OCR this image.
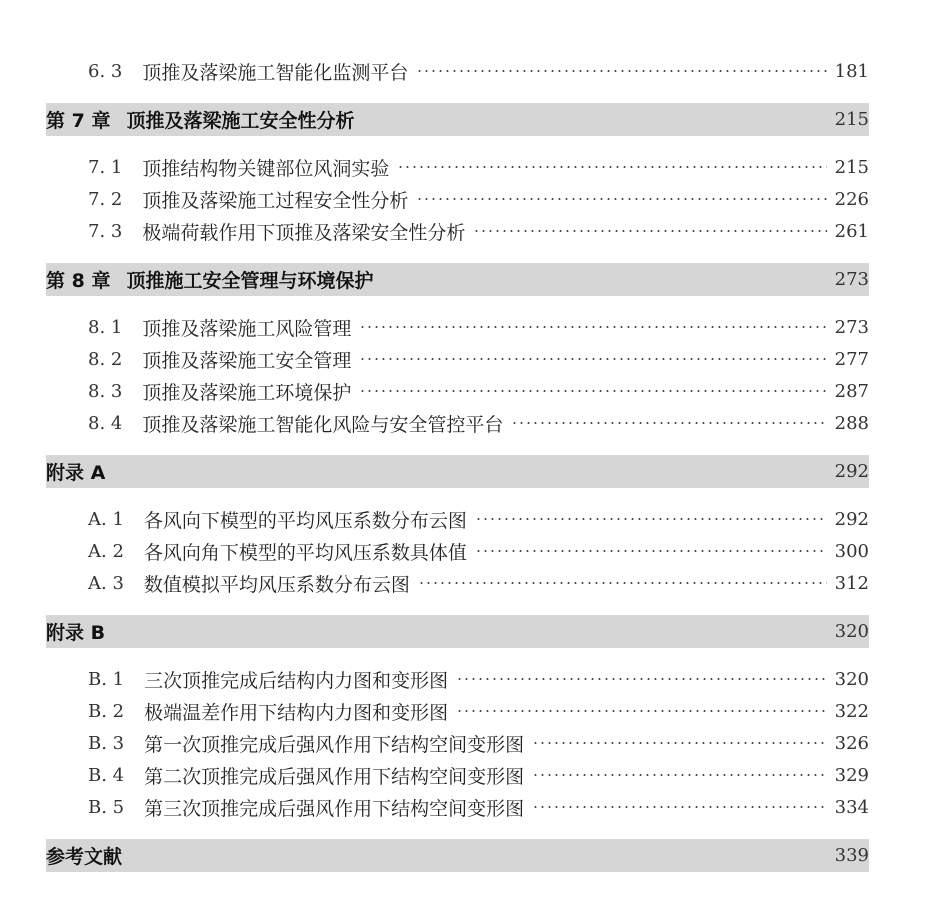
6. 3 顶推及落梁施工智能化监测平台	181
第 7 章 顶推及落梁施工安全性分析	215
7. 1 顶推结构物关键部位风洞实验	215
7. 2 顶推及落梁施工过程安全性分析	226
7. 3 极端荷载作用下顶推及落梁安全性分析	261
第 8 章 顶推施工安全管理与环境保护	273
8. 1 顶推及落梁施工风险管理	273
8. 2 顶推及落梁施工安全管理	277
8. 3 顶推及落梁施工环境保护	287
8. 4 顶推及落梁施工智能化风险与安全管控平台	288
附录 A	292
A. 1 各风向下模型的平均风压系数分布云图	292
A. 2 各风向角下模型的平均风压系数具体值	300
A. 3 数值模拟平均风压系数分布云图	312
附录 B	320
B. 1 三次顶推完成后结构内力图和变形图	320
B. 2 极端温差作用下结构内力图和变形图	322
B. 3 第一次顶推完成后强风作用下结构空间变形图	326
B. 4 第二次顶推完成后强风作用下结构空间变形图	329
B. 5 第三次顶推完成后强风作用下结构空间变形图	334
参考文献	339
